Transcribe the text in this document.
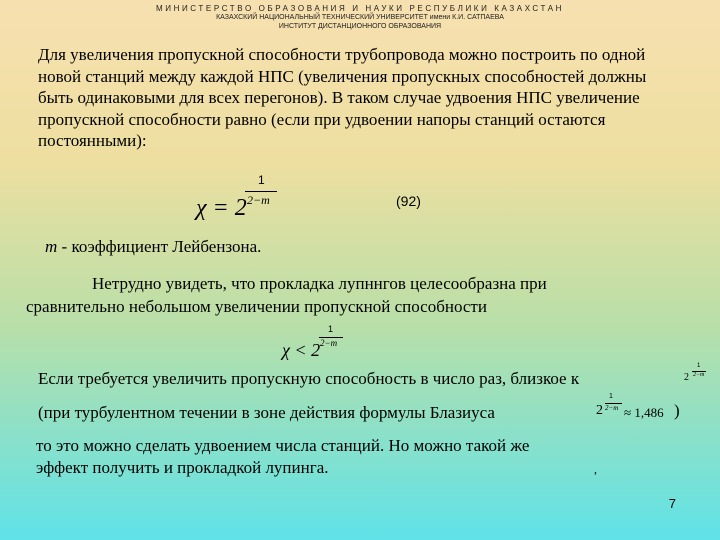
МИНИСТЕРСТВО ОБРАЗОВАНИЯ И НАУКИ РЕСПУБЛИКИ КАЗАХСТАН
КАЗАХСКИЙ НАЦИОНАЛЬНЫЙ ТЕХНИЧЕСКИЙ УНИВЕРСИТЕТ имени К.И. САТПАЕВА
ИНСТИТУТ ДИСТАНЦИОННОГО ОБРАЗОВАНИЯ
Для увеличения пропускной способности трубопровода можно построить по одной новой станций между каждой НПС (увеличения пропускных способностей должны быть одинаковыми для всех перегонов). В таком случае удвоения НПС увеличение пропускной способности равно (если при удвоении напоры станций остаются постоянными):
χ = 2
1
2−m	(92)
m - коэффициент Лейбензона.
Нетрудно увидеть, что прокладка лупннгов целесообразна при
сравнительно небольшом увеличении пропускной способности
χ < 2
1
2−m
Если требуется увеличить пропускную способность в число раз, близкое к
1
2 2−m
(при турбулентном течении в зоне действия формулы Блазиуса	2
1
2−m ≈ 1,486 )
то это можно сделать удвоением числа станций. Но можно такой же
эффект получить и прокладкой лупинга.	,
7
